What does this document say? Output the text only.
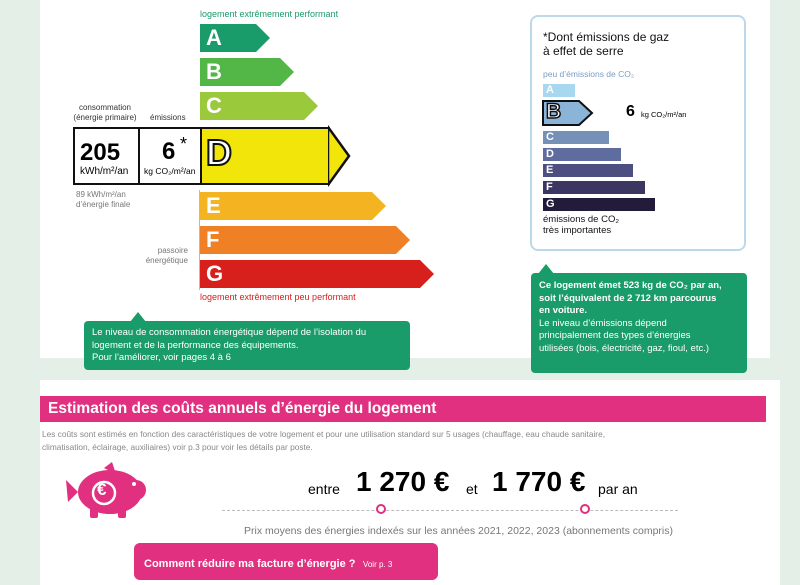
logement extrêmement performant
A
B
C
D
E
F
G
logement extrêmement peu performant
consommation (énergie primaire)	émissions
205
kWh/m²/an
6 *
kg CO₂/m²/an
89 kWh/m²/an d’énergie finale
passoire énergétique
Le niveau de consommation énergétique dépend de l’isolation du
logement et de la performance des équipements.
Pour l’améliorer, voir pages 4 à 6
*Dont émissions de gaz
à effet de serre
peu d’émissions de CO₂
A
B	6 kg CO₂/m²/an
C
D
E
F
G
émissions de CO₂
très importantes
Ce logement émet 523 kg de CO₂ par an,
soit l’équivalent de 2 712 km parcourus
en voiture.
Le niveau d’émissions dépend
principalement des types d’énergies
utilisées (bois, électricité, gaz, fioul, etc.)
Estimation des coûts annuels d’énergie du logement
Les coûts sont estimés en fonction des caractéristiques de votre logement et pour une utilisation standard sur 5 usages (chauffage, eau chaude sanitaire,
climatisation, éclairage, auxiliaires) voir p.3 pour voir les détails par poste.
€	entre 1 270 € et 1 770 € par an
Prix moyens des énergies indexés sur les années 2021, 2022, 2023 (abonnements compris)
Comment réduire ma facture d’énergie ? Voir p. 3
